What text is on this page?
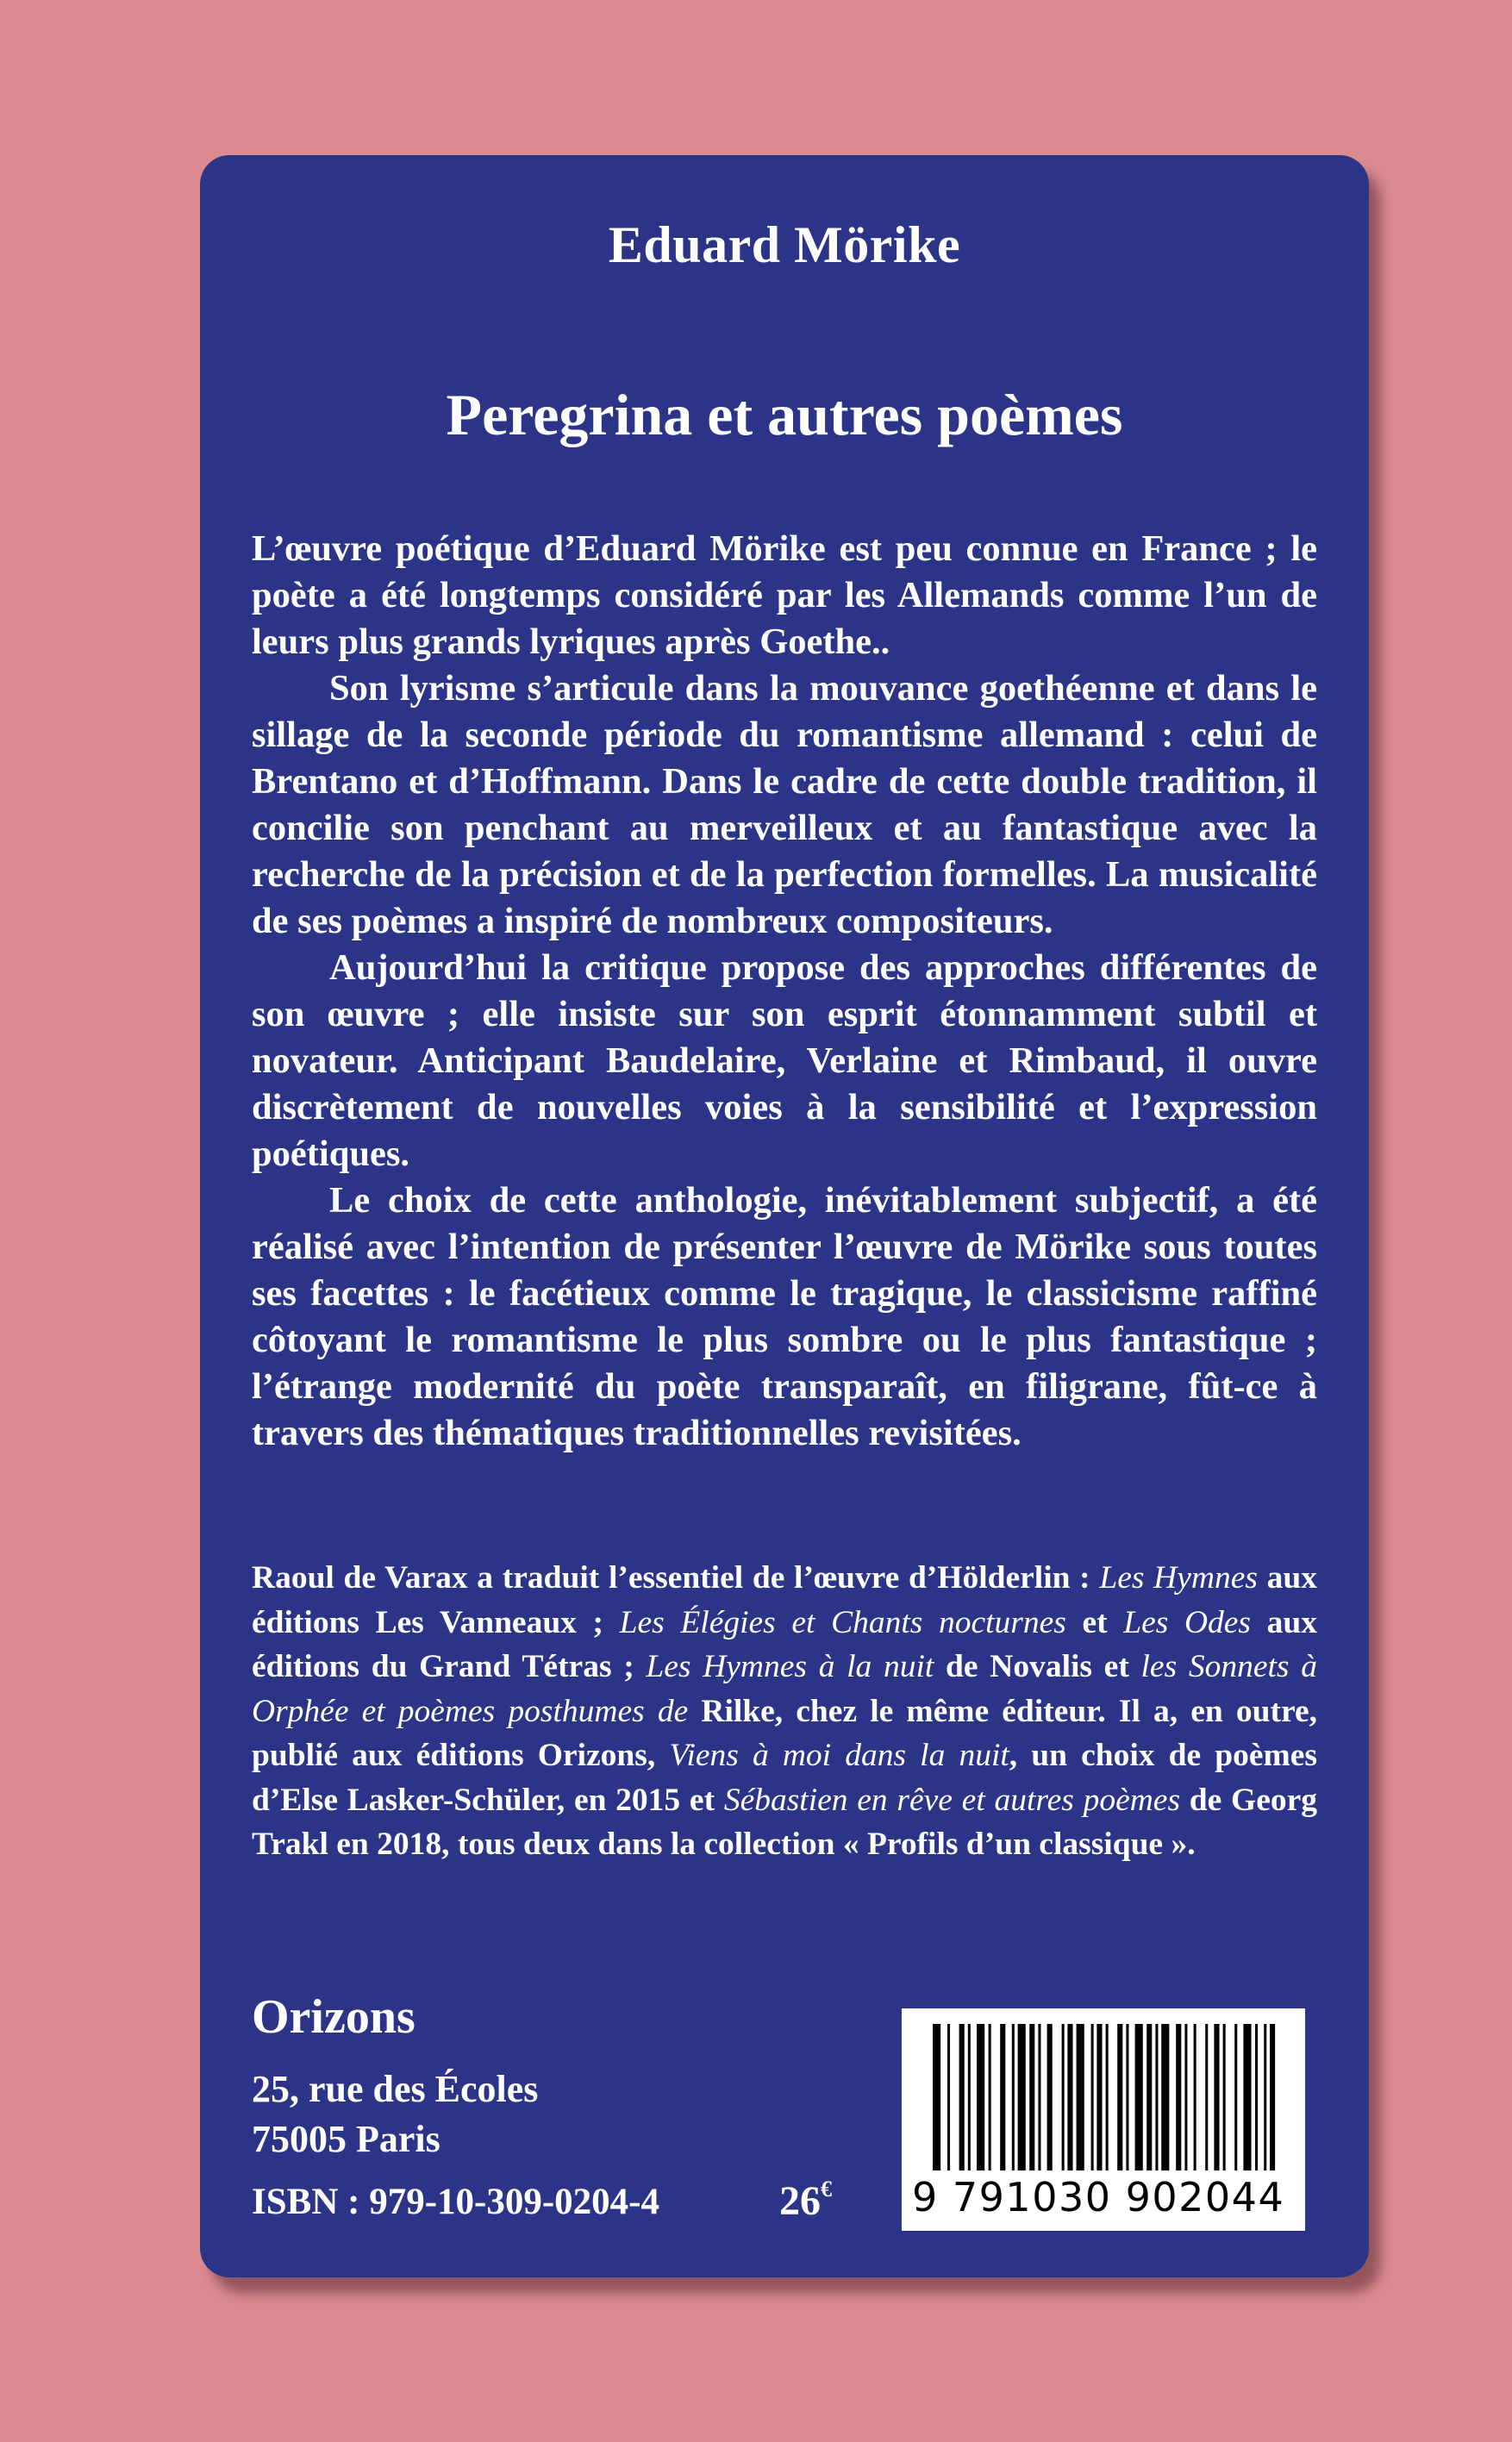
Eduard Mörike
Peregrina et autres poèmes

L’œuvre poétique d’Eduard Mörike est peu connue en France ; le poète a été longtemps considéré par les Allemands comme l’un de leurs plus grands lyriques après Goethe..

Son lyrisme s’articule dans la mouvance goethéenne et dans le sillage de la seconde période du romantisme allemand : celui de Brentano et d’Hoffmann. Dans le cadre de cette double tradition, il concilie son penchant au merveilleux et au fantastique avec la recherche de la précision et de la perfection formelles. La musicalité de ses poèmes a inspiré de nombreux compositeurs.

Aujourd’hui la critique propose des approches différentes de son œuvre ; elle insiste sur son esprit étonnamment subtil et novateur. Anticipant Baudelaire, Verlaine et Rimbaud, il ouvre discrètement de nouvelles voies à la sensibilité et l’expression poétiques.

Le choix de cette anthologie, inévitablement subjectif, a été réalisé avec l’intention de présenter l’œuvre de Mörike sous toutes ses facettes : le facétieux comme le tragique, le classicisme raffiné côtoyant le romantisme le plus sombre ou le plus fantastique ; l’étrange modernité du poète transparaît, en filigrane, fût-ce à travers des thématiques traditionnelles revisitées.

Raoul de Varax a traduit l’essentiel de l’œuvre d’Hölderlin : Les Hymnes aux éditions Les Vanneaux ; Les Élégies et Chants nocturnes et Les Odes aux éditions du Grand Tétras ; Les Hymnes à la nuit de Novalis et les Sonnets à Orphée et poèmes posthumes de Rilke, chez le même éditeur. Il a, en outre, publié aux éditions Orizons, Viens à moi dans la nuit, un choix de poèmes d’Else Lasker-Schüler, en 2015 et Sébastien en rêve et autres poèmes de Georg Trakl en 2018, tous deux dans la collection « Profils d’un classique ».

Orizons

25, rue des Écoles

75005 Paris

ISBN : 979-10-309-0204-4	26€ 9 791030 902044
